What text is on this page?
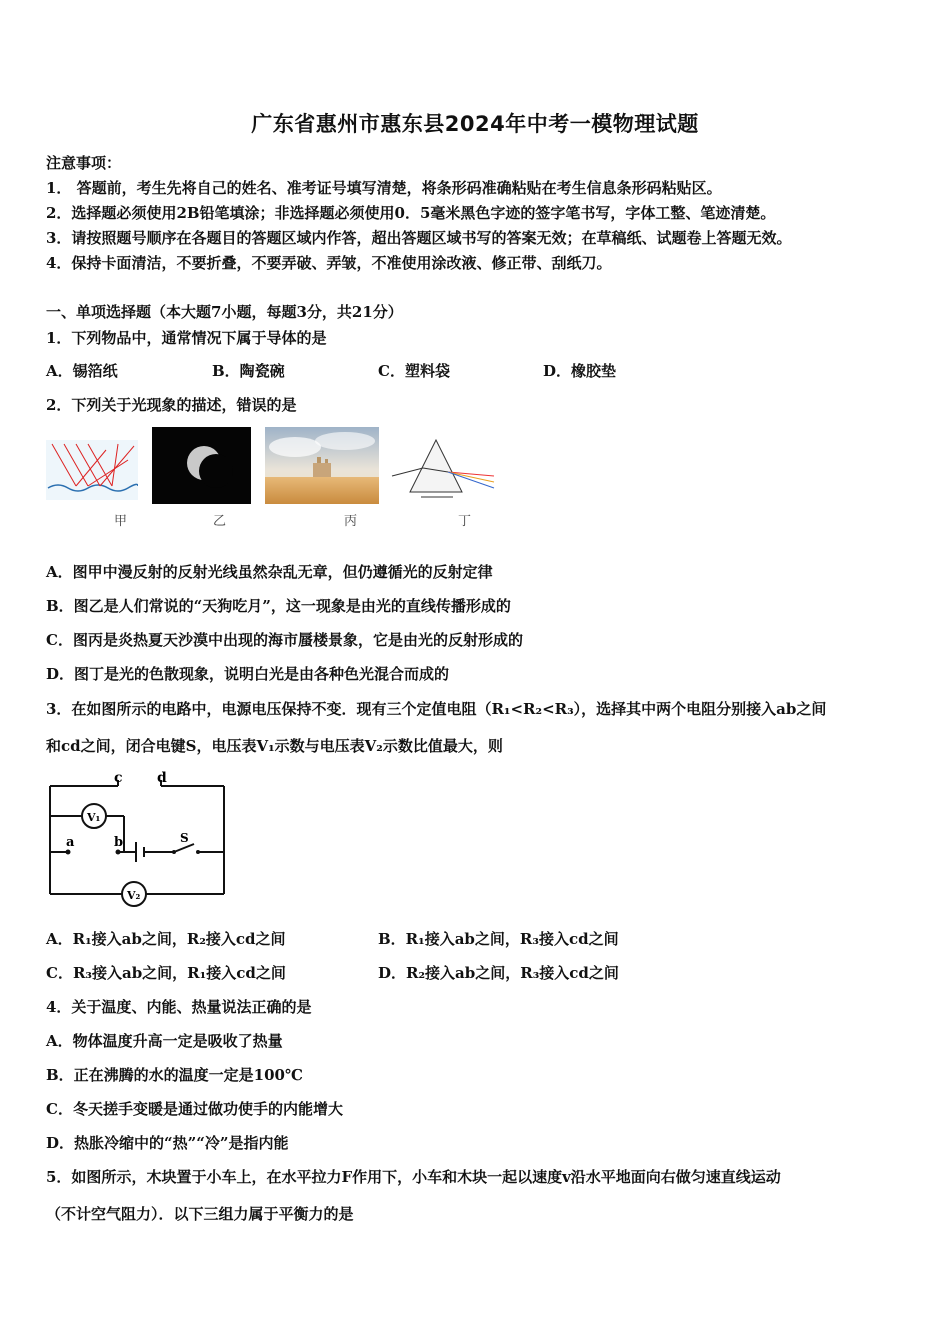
广东省惠州市惠东县2024年中考一模物理试题
注意事项：
1． 答题前，考生先将自己的姓名、准考证号填写清楚，将条形码准确粘贴在考生信息条形码粘贴区。
2．选择题必须使用2B铅笔填涂；非选择题必须使用0．5毫米黑色字迹的签字笔书写，字体工整、笔迹清楚。
3．请按照题号顺序在各题目的答题区域内作答，超出答题区域书写的答案无效；在草稿纸、试题卷上答题无效。
4．保持卡面清洁，不要折叠，不要弄破、弄皱，不准使用涂改液、修正带、刮纸刀。
一、单项选择题（本大题7小题，每题3分，共21分）
1．下列物品中，通常情况下属于导体的是
A．锡箔纸	B．陶瓷碗	C．塑料袋	D．橡胶垫
2．下列关于光现象的描述，错误的是
甲	乙	丙	丁
A．图甲中漫反射的反射光线虽然杂乱无章，但仍遵循光的反射定律
B．图乙是人们常说的“天狗吃月”，这一现象是由光的直线传播形成的
C．图丙是炎热夏天沙漠中出现的海市蜃楼景象，它是由光的反射形成的
D．图丁是光的色散现象，说明白光是由各种色光混合而成的
3．在如图所示的电路中，电源电压保持不变．现有三个定值电阻（R₁<R₂<R₃），选择其中两个电阻分别接入ab之间
和cd之间，闭合电键S，电压表V₁示数与电压表V₂示数比值最大，则
c d
a	b	S
V₁
V₂
A．R₁接入ab之间，R₂接入cd之间	B．R₁接入ab之间，R₃接入cd之间
C．R₃接入ab之间，R₁接入cd之间	D．R₂接入ab之间，R₃接入cd之间
4．关于温度、内能、热量说法正确的是
A．物体温度升高一定是吸收了热量
B．正在沸腾的水的温度一定是100℃
C．冬天搓手变暖是通过做功使手的内能增大
D．热胀冷缩中的“热”“冷”是指内能
5．如图所示，木块置于小车上，在水平拉力F作用下，小车和木块一起以速度v沿水平地面向右做匀速直线运动
（不计空气阻力）．以下三组力属于平衡力的是
